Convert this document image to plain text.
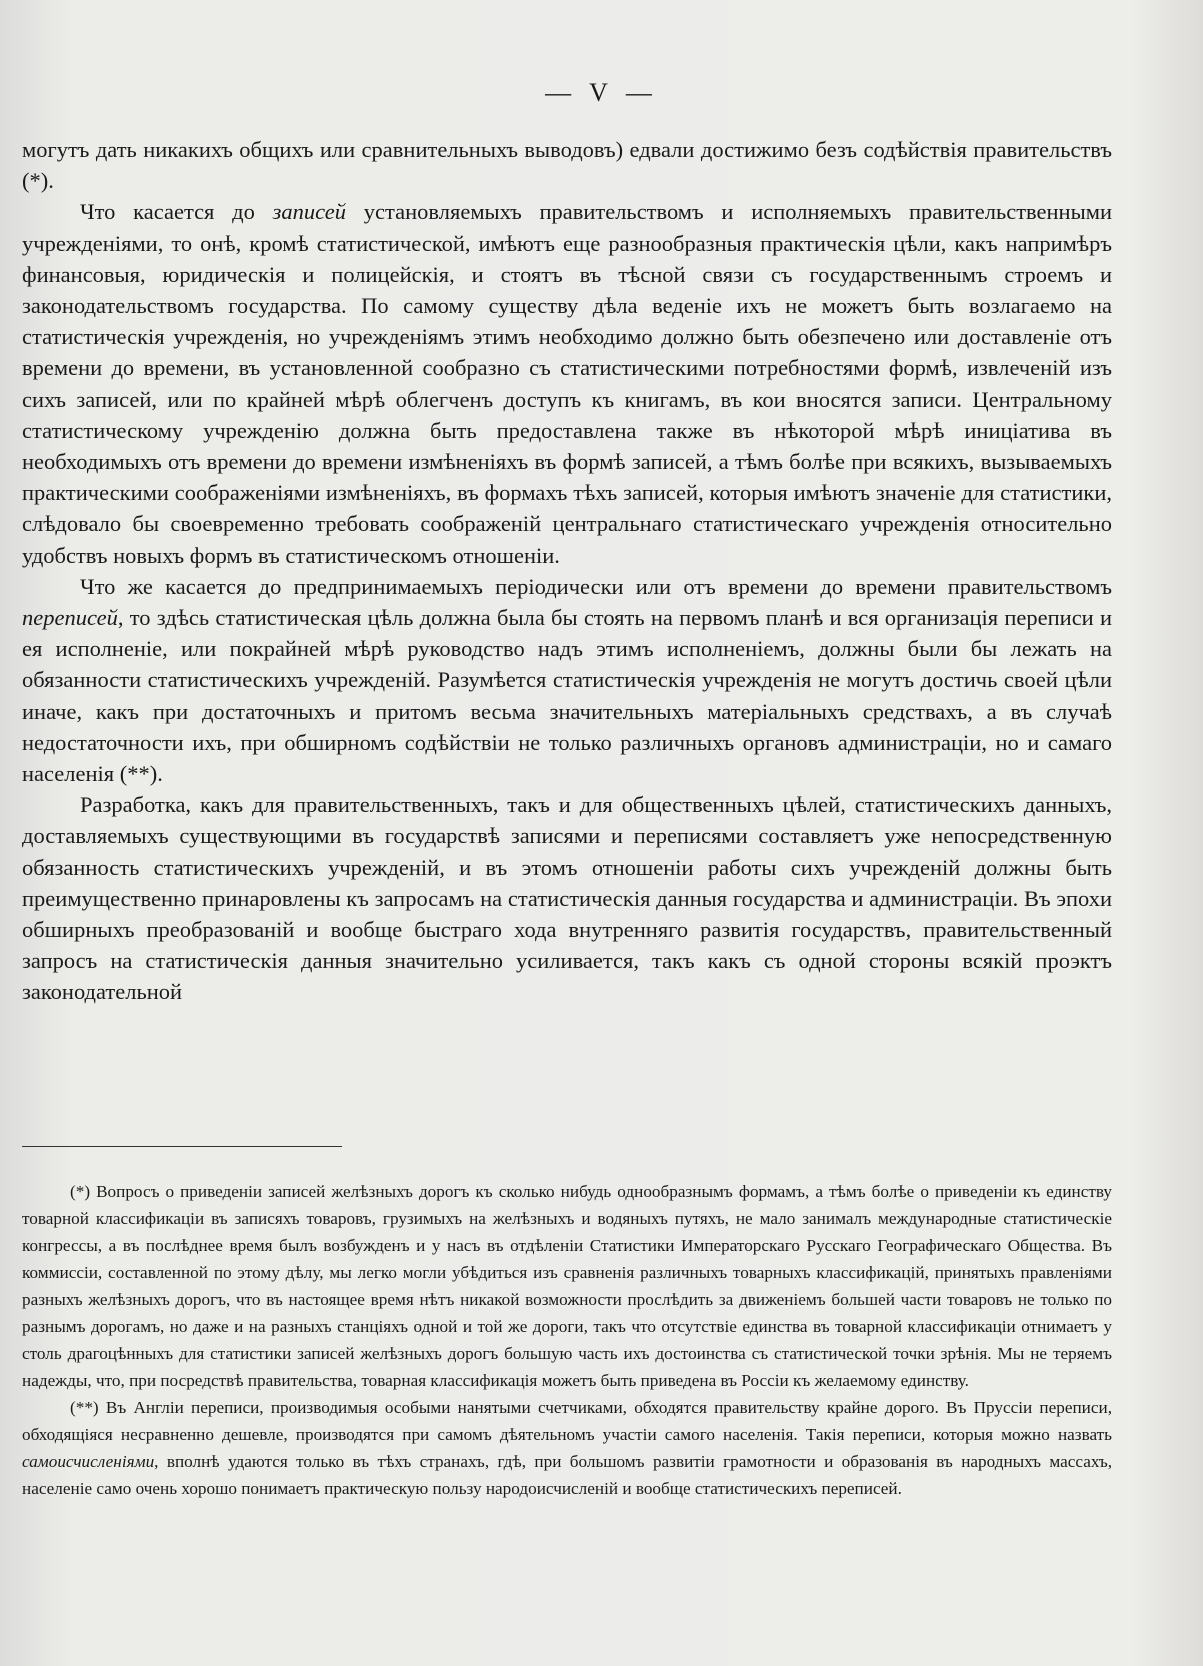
— V —

могутъ дать никакихъ общихъ или сравнительныхъ выводовъ) едвали достижимо безъ содѣйствія правительствъ (*).

Что касается до записей установляемыхъ правительствомъ и исполняемыхъ правительственными учрежденіями, то онѣ, кромѣ статистической, имѣютъ еще разнообразныя практическія цѣли, какъ напримѣръ финансовыя, юридическія и полицейскія, и стоятъ въ тѣсной связи съ государственнымъ строемъ и законодательствомъ государства. По самому существу дѣла веденіе ихъ не можетъ быть возлагаемо на статистическія учрежденія, но учрежденіямъ этимъ необходимо должно быть обезпечено или доставленіе отъ времени до времени, въ установленной сообразно съ статистическими потребностями формѣ, извлеченій изъ сихъ записей, или по крайней мѣрѣ облегченъ доступъ къ книгамъ, въ кои вносятся записи. Центральному статистическому учрежденію должна быть предоставлена также въ нѣкоторой мѣрѣ иниціатива въ необходимыхъ отъ времени до времени измѣненіяхъ въ формѣ записей, а тѣмъ болѣе при всякихъ, вызываемыхъ практическими соображеніями измѣненіяхъ, въ формахъ тѣхъ записей, которыя имѣютъ значеніе для статистики, слѣдовало бы своевременно требовать соображеній центральнаго статистическаго учрежденія относительно удобствъ новыхъ формъ въ статистическомъ отношеніи.

Что же касается до предпринимаемыхъ періодически или отъ времени до времени правительствомъ переписей, то здѣсь статистическая цѣль должна была бы стоять на первомъ планѣ и вся организація переписи и ея исполненіе, или покрайней мѣрѣ руководство надъ этимъ исполненіемъ, должны были бы лежать на обязанности статистическихъ учрежденій. Разумѣется статистическія учрежденія не могутъ достичь своей цѣли иначе, какъ при достаточныхъ и притомъ весьма значительныхъ матеріальныхъ средствахъ, а въ случаѣ недостаточности ихъ, при обширномъ содѣйствіи не только различныхъ органовъ администраціи, но и самаго населенія (**).

Разработка, какъ для правительственныхъ, такъ и для общественныхъ цѣлей, статистическихъ данныхъ, доставляемыхъ существующими въ государствѣ записями и переписями составляетъ уже непосредственную обязанность статистическихъ учрежденій, и въ этомъ отношеніи работы сихъ учрежденій должны быть преимущественно принаровлены къ запросамъ на статистическія данныя государства и администраціи. Въ эпохи обширныхъ преобразованій и вообще быстраго хода внутренняго развитія государствъ, правительственный запросъ на статистическія данныя значительно усиливается, такъ какъ съ одной стороны всякій проэктъ законодательной

(*) Вопросъ о приведеніи записей желѣзныхъ дорогъ къ сколько нибудь однообразнымъ формамъ, а тѣмъ болѣе о приведеніи къ единству товарной классификаціи въ записяхъ товаровъ, грузимыхъ на желѣзныхъ и водяныхъ путяхъ, не мало занималъ международные статистическіе конгрессы, а въ послѣднее время былъ возбужденъ и у насъ въ отдѣленіи Статистики Императорскаго Русскаго Географическаго Общества. Въ коммиссіи, составленной по этому дѣлу, мы легко могли убѣдиться изъ сравненія различныхъ товарныхъ классификацій, принятыхъ правленіями разныхъ желѣзныхъ дорогъ, что въ настоящее время нѣтъ никакой возможности прослѣдить за движеніемъ большей части товаровъ не только по разнымъ дорогамъ, но даже и на разныхъ станціяхъ одной и той же дороги, такъ что отсутствіе единства въ товарной классификаціи отнимаетъ у столь драгоцѣнныхъ для статистики записей желѣзныхъ дорогъ большую часть ихъ достоинства съ статистической точки зрѣнія. Мы не теряемъ надежды, что, при посредствѣ правительства, товарная классификація можетъ быть приведена въ Россіи къ желаемому единству.

(**) Въ Англіи переписи, производимыя особыми нанятыми счетчиками, обходятся правительству крайне дорого. Въ Пруссіи переписи, обходящіяся несравненно дешевле, производятся при самомъ дѣятельномъ участіи самого населенія. Такія переписи, которыя можно назвать самоисчисленіями, вполнѣ удаются только въ тѣхъ странахъ, гдѣ, при большомъ развитіи грамотности и образованія въ народныхъ массахъ, населеніе само очень хорошо понимаетъ практическую пользу народоисчисленій и вообще статистическихъ переписей.
